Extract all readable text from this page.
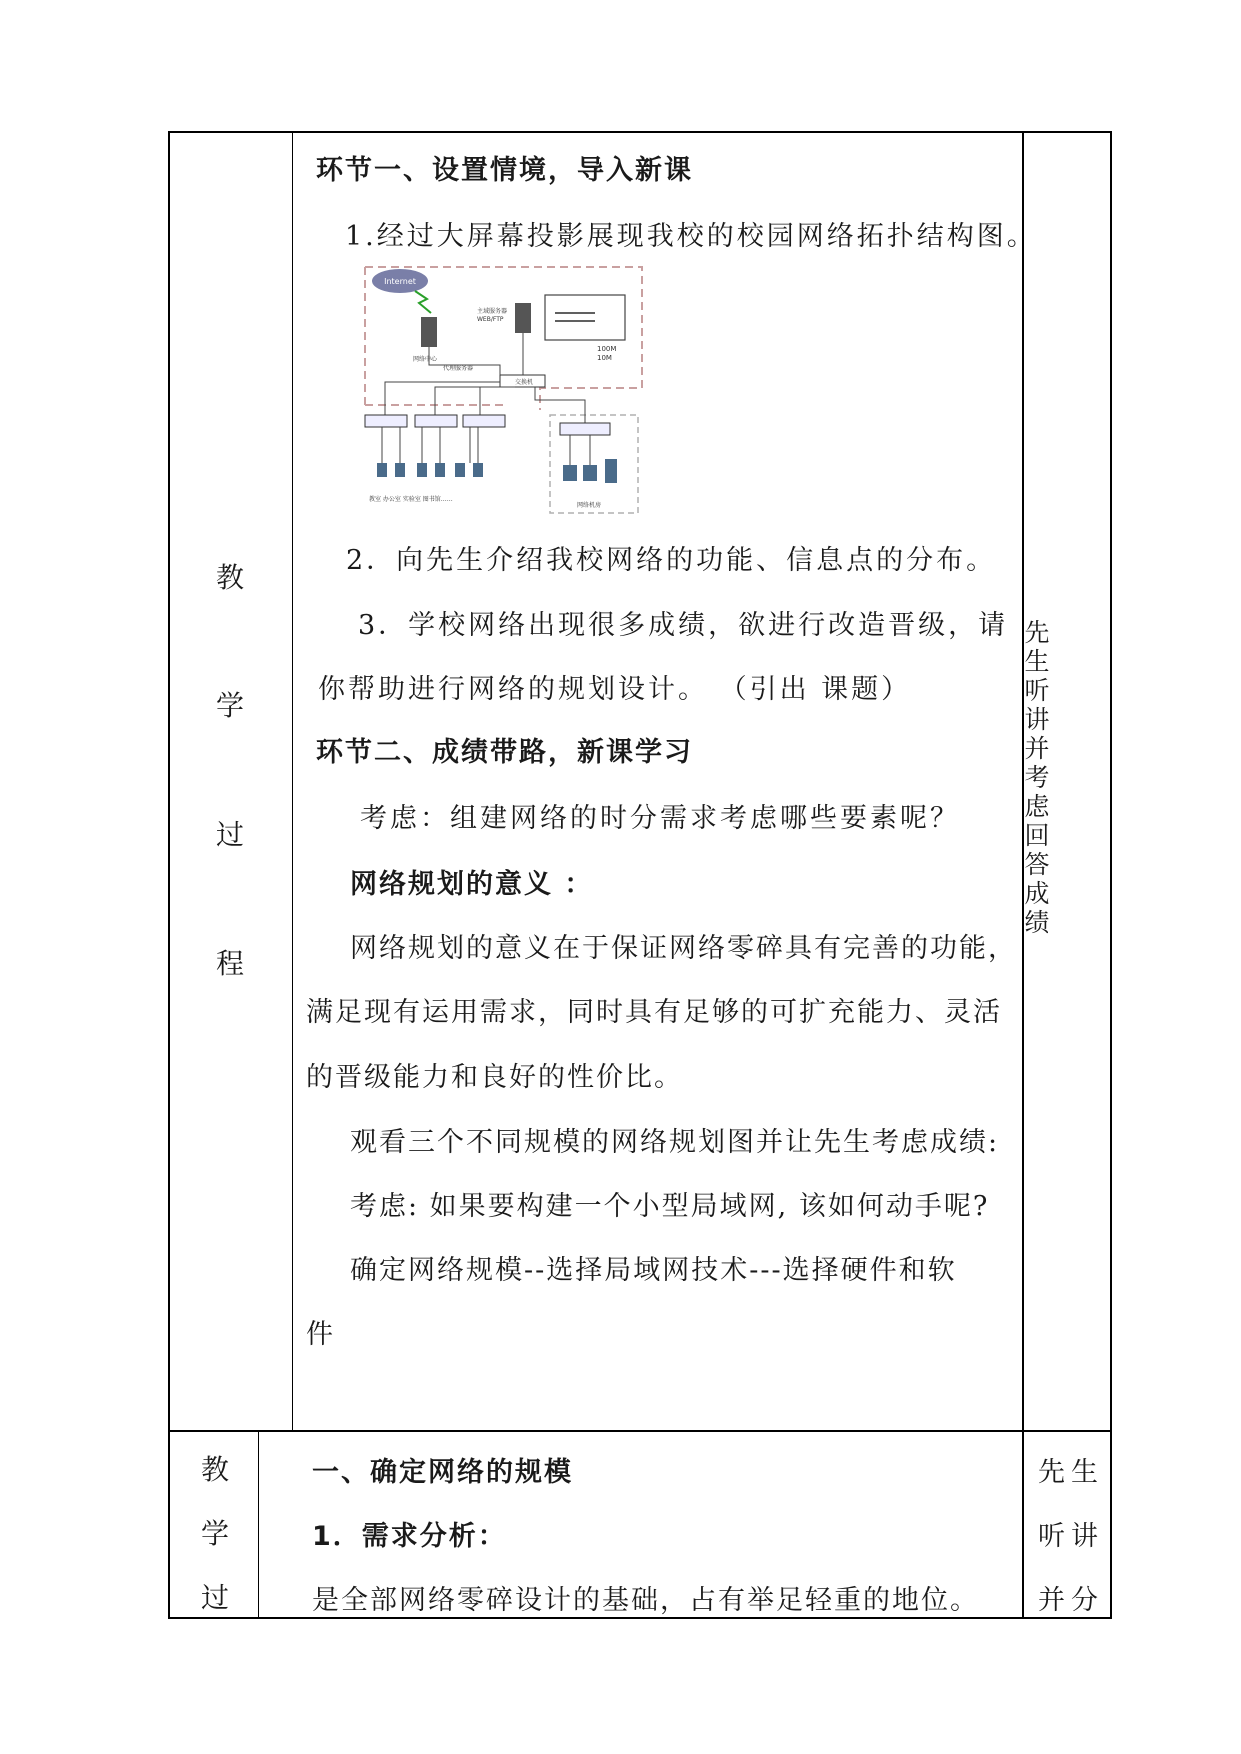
教
学
过
程
先生听讲并考虑回答成绩
环节一、设置情境，导入新课
1.经过大屏幕投影展现我校的校园网络拓扑结构图。
Internet
主域服务器
WEB/FTP
100M
10M
网络中心
代理服务器
交换机
教室 办公室 实验室 图书馆……
网络机房
2．向先生介绍我校网络的功能、信息点的分布。
3．学校网络出现很多成绩，欲进行改造晋级，请
你帮助进行网络的规划设计。 （引出 课题）
环节二、成绩带路，新课学习
考虑：组建网络的时分需求考虑哪些要素呢？
网络规划的意义 ：
网络规划的意义在于保证网络零碎具有完善的功能，
满足现有运用需求，同时具有足够的可扩充能力、灵活
的晋级能力和良好的性价比。
观看三个不同规模的网络规划图并让先生考虑成绩:
考虑: 如果要构建一个小型局域网, 该如何动手呢?
确定网络规模--选择局域网技术---选择硬件和软
件
教
学
过
先生
听讲
并分
一、确定网络的规模
1．需求分析：
是全部网络零碎设计的基础，占有举足轻重的地位。
